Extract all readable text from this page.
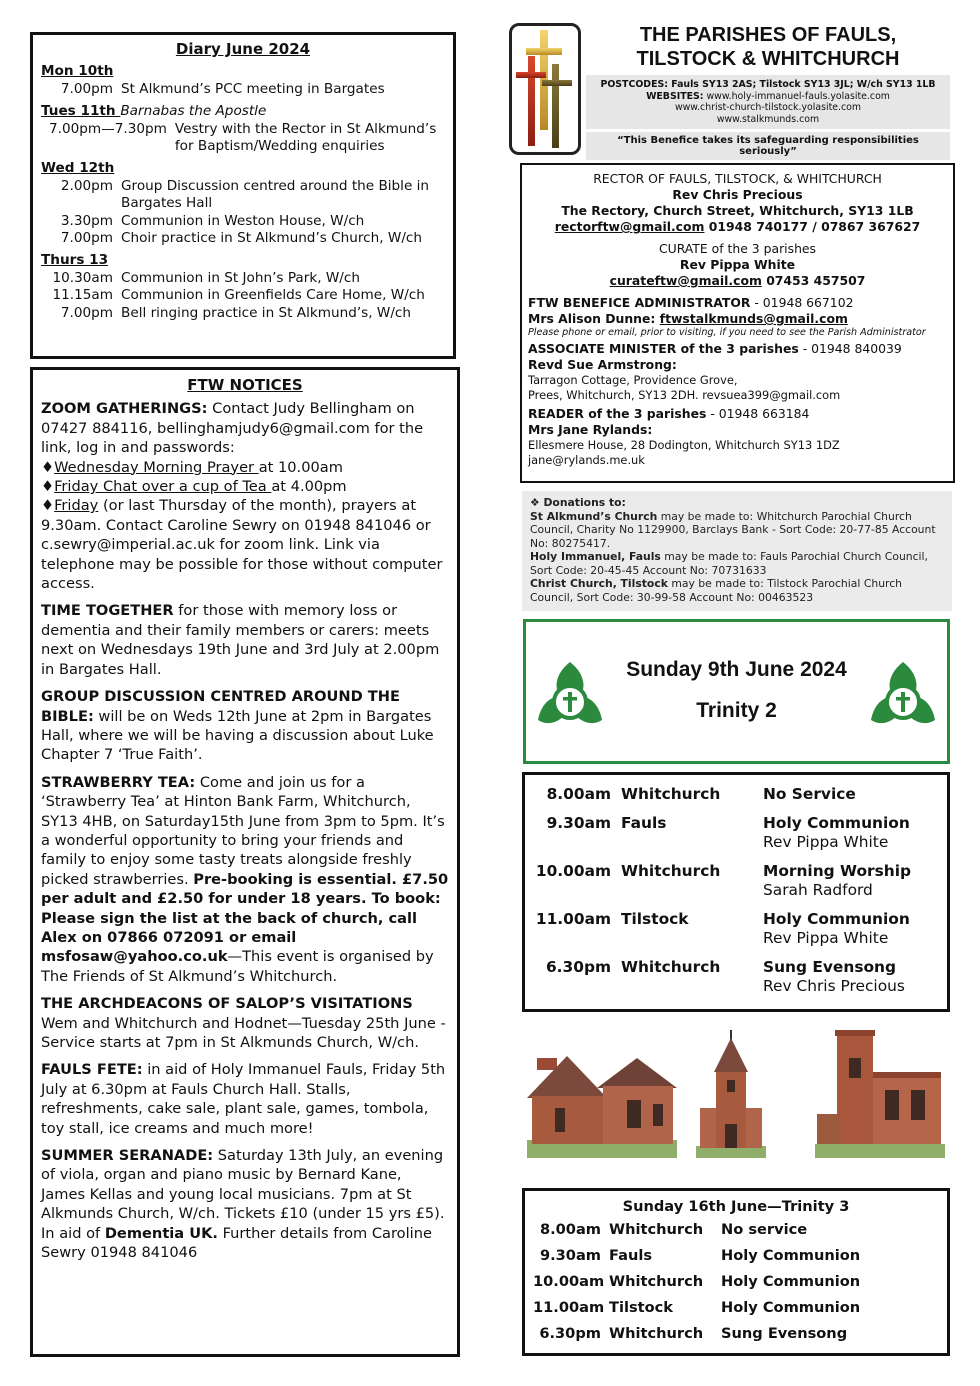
Diary June 2024
Mon 10th
7.00pm St Alkmund’s PCC meeting in Bargates
Tues 11th Barnabas the Apostle
7.00pm—7.30pm Vestry with the Rector in St Alkmund’s for Baptism/Wedding enquiries
Wed 12th
2.00pm Group Discussion centred around the Bible in Bargates Hall
3.30pm Communion in Weston House, W/ch
7.00pm Choir practice in St Alkmund’s Church, W/ch
Thurs 13
10.30am Communion in St John’s Park, W/ch
11.15am Communion in Greenfields Care Home, W/ch
7.00pm Bell ringing practice in St Alkmund’s, W/ch
FTW NOTICES

ZOOM GATHERINGS: Contact Judy Bellingham on 07427 884116, bellinghamjudy6@gmail.com for the link, log in and passwords:
♦Wednesday Morning Prayer at 10.00am
♦Friday Chat over a cup of Tea at 4.00pm
♦Friday (or last Thursday of the month), prayers at 9.30am. Contact Caroline Sewry on 01948 841046 or c.sewry@imperial.ac.uk for zoom link. Link via telephone may be possible for those without computer access.

TIME TOGETHER for those with memory loss or dementia and their family members or carers: meets next on Wednesdays 19th June and 3rd July at 2.00pm in Bargates Hall.

GROUP DISCUSSION CENTRED AROUND THE BIBLE: will be on Weds 12th June at 2pm in Bargates Hall, where we will be having a discussion about Luke Chapter 7 ‘True Faith’.

STRAWBERRY TEA: Come and join us for a ‘Strawberry Tea’ at Hinton Bank Farm, Whitchurch, SY13 4HB, on Saturday15th June from 3pm to 5pm. It’s a wonderful opportunity to bring your friends and family to enjoy some tasty treats alongside freshly picked strawberries. Pre-booking is essential. £7.50 per adult and £2.50 for under 18 years. To book: Please sign the list at the back of church, call Alex on 07866 072091 or email msfosaw@yahoo.co.uk—This event is organised by The Friends of St Alkmund’s Whitchurch.

THE ARCHDEACONS OF SALOP’S VISITATIONS
Wem and Whitchurch and Hodnet—Tuesday 25th June - Service starts at 7pm in St Alkmunds Church, W/ch.

FAULS FETE: in aid of Holy Immanuel Fauls, Friday 5th July at 6.30pm at Fauls Church Hall. Stalls, refreshments, cake sale, plant sale, games, tombola, toy stall, ice creams and much more!

SUMMER SERANADE: Saturday 13th July, an evening of viola, organ and piano music by Bernard Kane, James Kellas and young local musicians. 7pm at St Alkmunds Church, W/ch. Tickets £10 (under 15 yrs £5). In aid of Dementia UK. Further details from Caroline Sewry 01948 841046

THE PARISHES OF FAULS,
TILSTOCK & WHITCHURCH
POSTCODES: Fauls SY13 2AS; Tilstock SY13 3JL; W/ch SY13 1LB
WEBSITES: www.holy-immanuel-fauls.yolasite.com
www.christ-church-tilstock.yolasite.com
www.stalkmunds.com
“This Benefice takes its safeguarding responsibilities seriously”
RECTOR OF FAULS, TILSTOCK, & WHITCHURCH
Rev Chris Precious
The Rectory, Church Street, Whitchurch, SY13 1LB
rectorftw@gmail.com 01948 740177 / 07867 367627
CURATE of the 3 parishes
Rev Pippa White
curateftw@gmail.com 07453 457507
FTW BENEFICE ADMINISTRATOR - 01948 667102
Mrs Alison Dunne: ftwstalkmunds@gmail.com
Please phone or email, prior to visiting, if you need to see the Parish Administrator
ASSOCIATE MINISTER of the 3 parishes - 01948 840039
Revd Sue Armstrong:
Tarragon Cottage, Providence Grove,
Prees, Whitchurch, SY13 2DH. revsuea399@gmail.com
READER of the 3 parishes - 01948 663184
Mrs Jane Rylands:
Ellesmere House, 28 Dodington, Whitchurch SY13 1DZ
jane@rylands.me.uk
❖ Donations to:
St Alkmund’s Church may be made to: Whitchurch Parochial Church Council, Charity No 1129900, Barclays Bank - Sort Code: 20-77-85 Account No: 80275417.
Holy Immanuel, Fauls may be made to: Fauls Parochial Church Council, Sort Code: 20-45-45 Account No: 70731633
Christ Church, Tilstock may be made to: Tilstock Parochial Church Council, Sort Code: 30-99-58 Account No: 00463523
Sunday 9th June 2024
Trinity 2
8.00am Whitchurch	No Service
9.30am Fauls	Holy Communion
Rev Pippa White
10.00am Whitchurch	Morning Worship
Sarah Radford
11.00am Tilstock	Holy Communion
Rev Pippa White
6.30pm Whitchurch	Sung Evensong
Rev Chris Precious
Sunday 16th June—Trinity 3
8.00am Whitchurch	No service
9.30am Fauls	Holy Communion
10.00am Whitchurch	Holy Communion
11.00am Tilstock	Holy Communion
6.30pm Whitchurch	Sung Evensong
